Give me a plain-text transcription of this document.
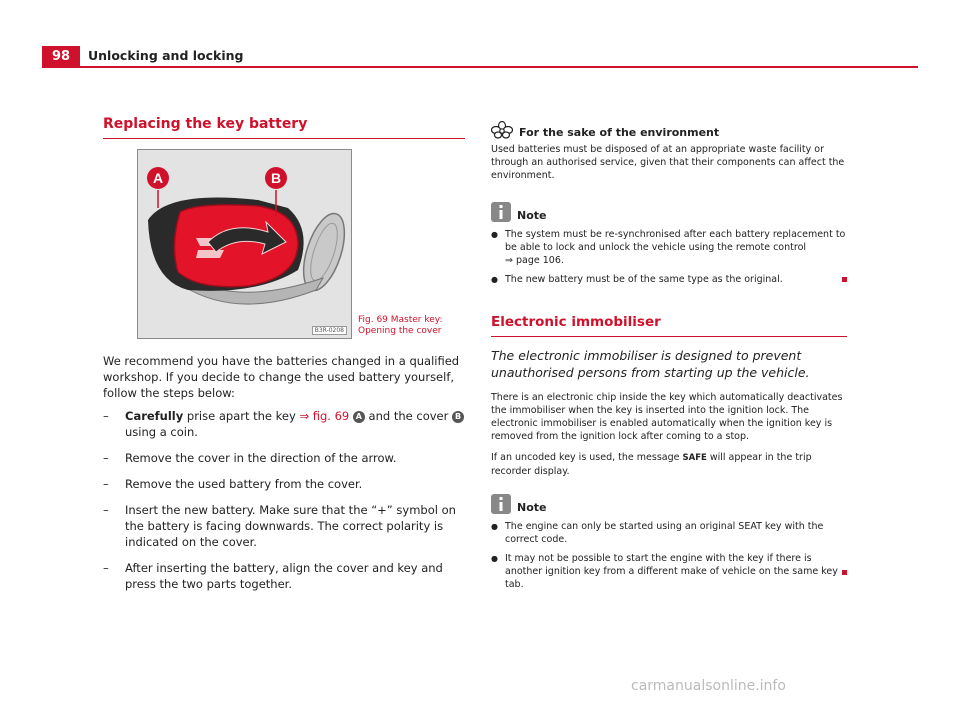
98	Unlocking and locking
Replacing the key battery
A	B
B3R-0208
Fig. 69 Master key:
Opening the cover
We recommend you have the batteries changed in a qualified workshop. If you decide to change the used battery yourself, follow the steps below:
– Carefully prise apart the key ⇒ fig. 69 A and the cover B using a coin.
– Remove the cover in the direction of the arrow.
– Remove the used battery from the cover.
– Insert the new battery. Make sure that the “+” symbol on the battery is facing downwards. The correct polarity is indicated on the cover.
– After inserting the battery, align the cover and key and press the two parts together.
For the sake of the environment
Used batteries must be disposed of at an appropriate waste facility or through an authorised service, given that their components can affect the environment.
Note
● The system must be re-synchronised after each battery replacement to be able to lock and unlock the vehicle using the remote control
⇒ page 106.
● The new battery must be of the same type as the original.
Electronic immobiliser
The electronic immobiliser is designed to prevent unauthorised persons from starting up the vehicle.
There is an electronic chip inside the key which automatically deactivates the immobiliser when the key is inserted into the ignition lock. The electronic immobiliser is enabled automatically when the ignition key is removed from the ignition lock after coming to a stop.
If an uncoded key is used, the message SAFE will appear in the trip recorder display.
Note
● The engine can only be started using an original SEAT key with the correct code.
● It may not be possible to start the engine with the key if there is another ignition key from a different make of vehicle on the same key tab.
carmanualsonline.info
